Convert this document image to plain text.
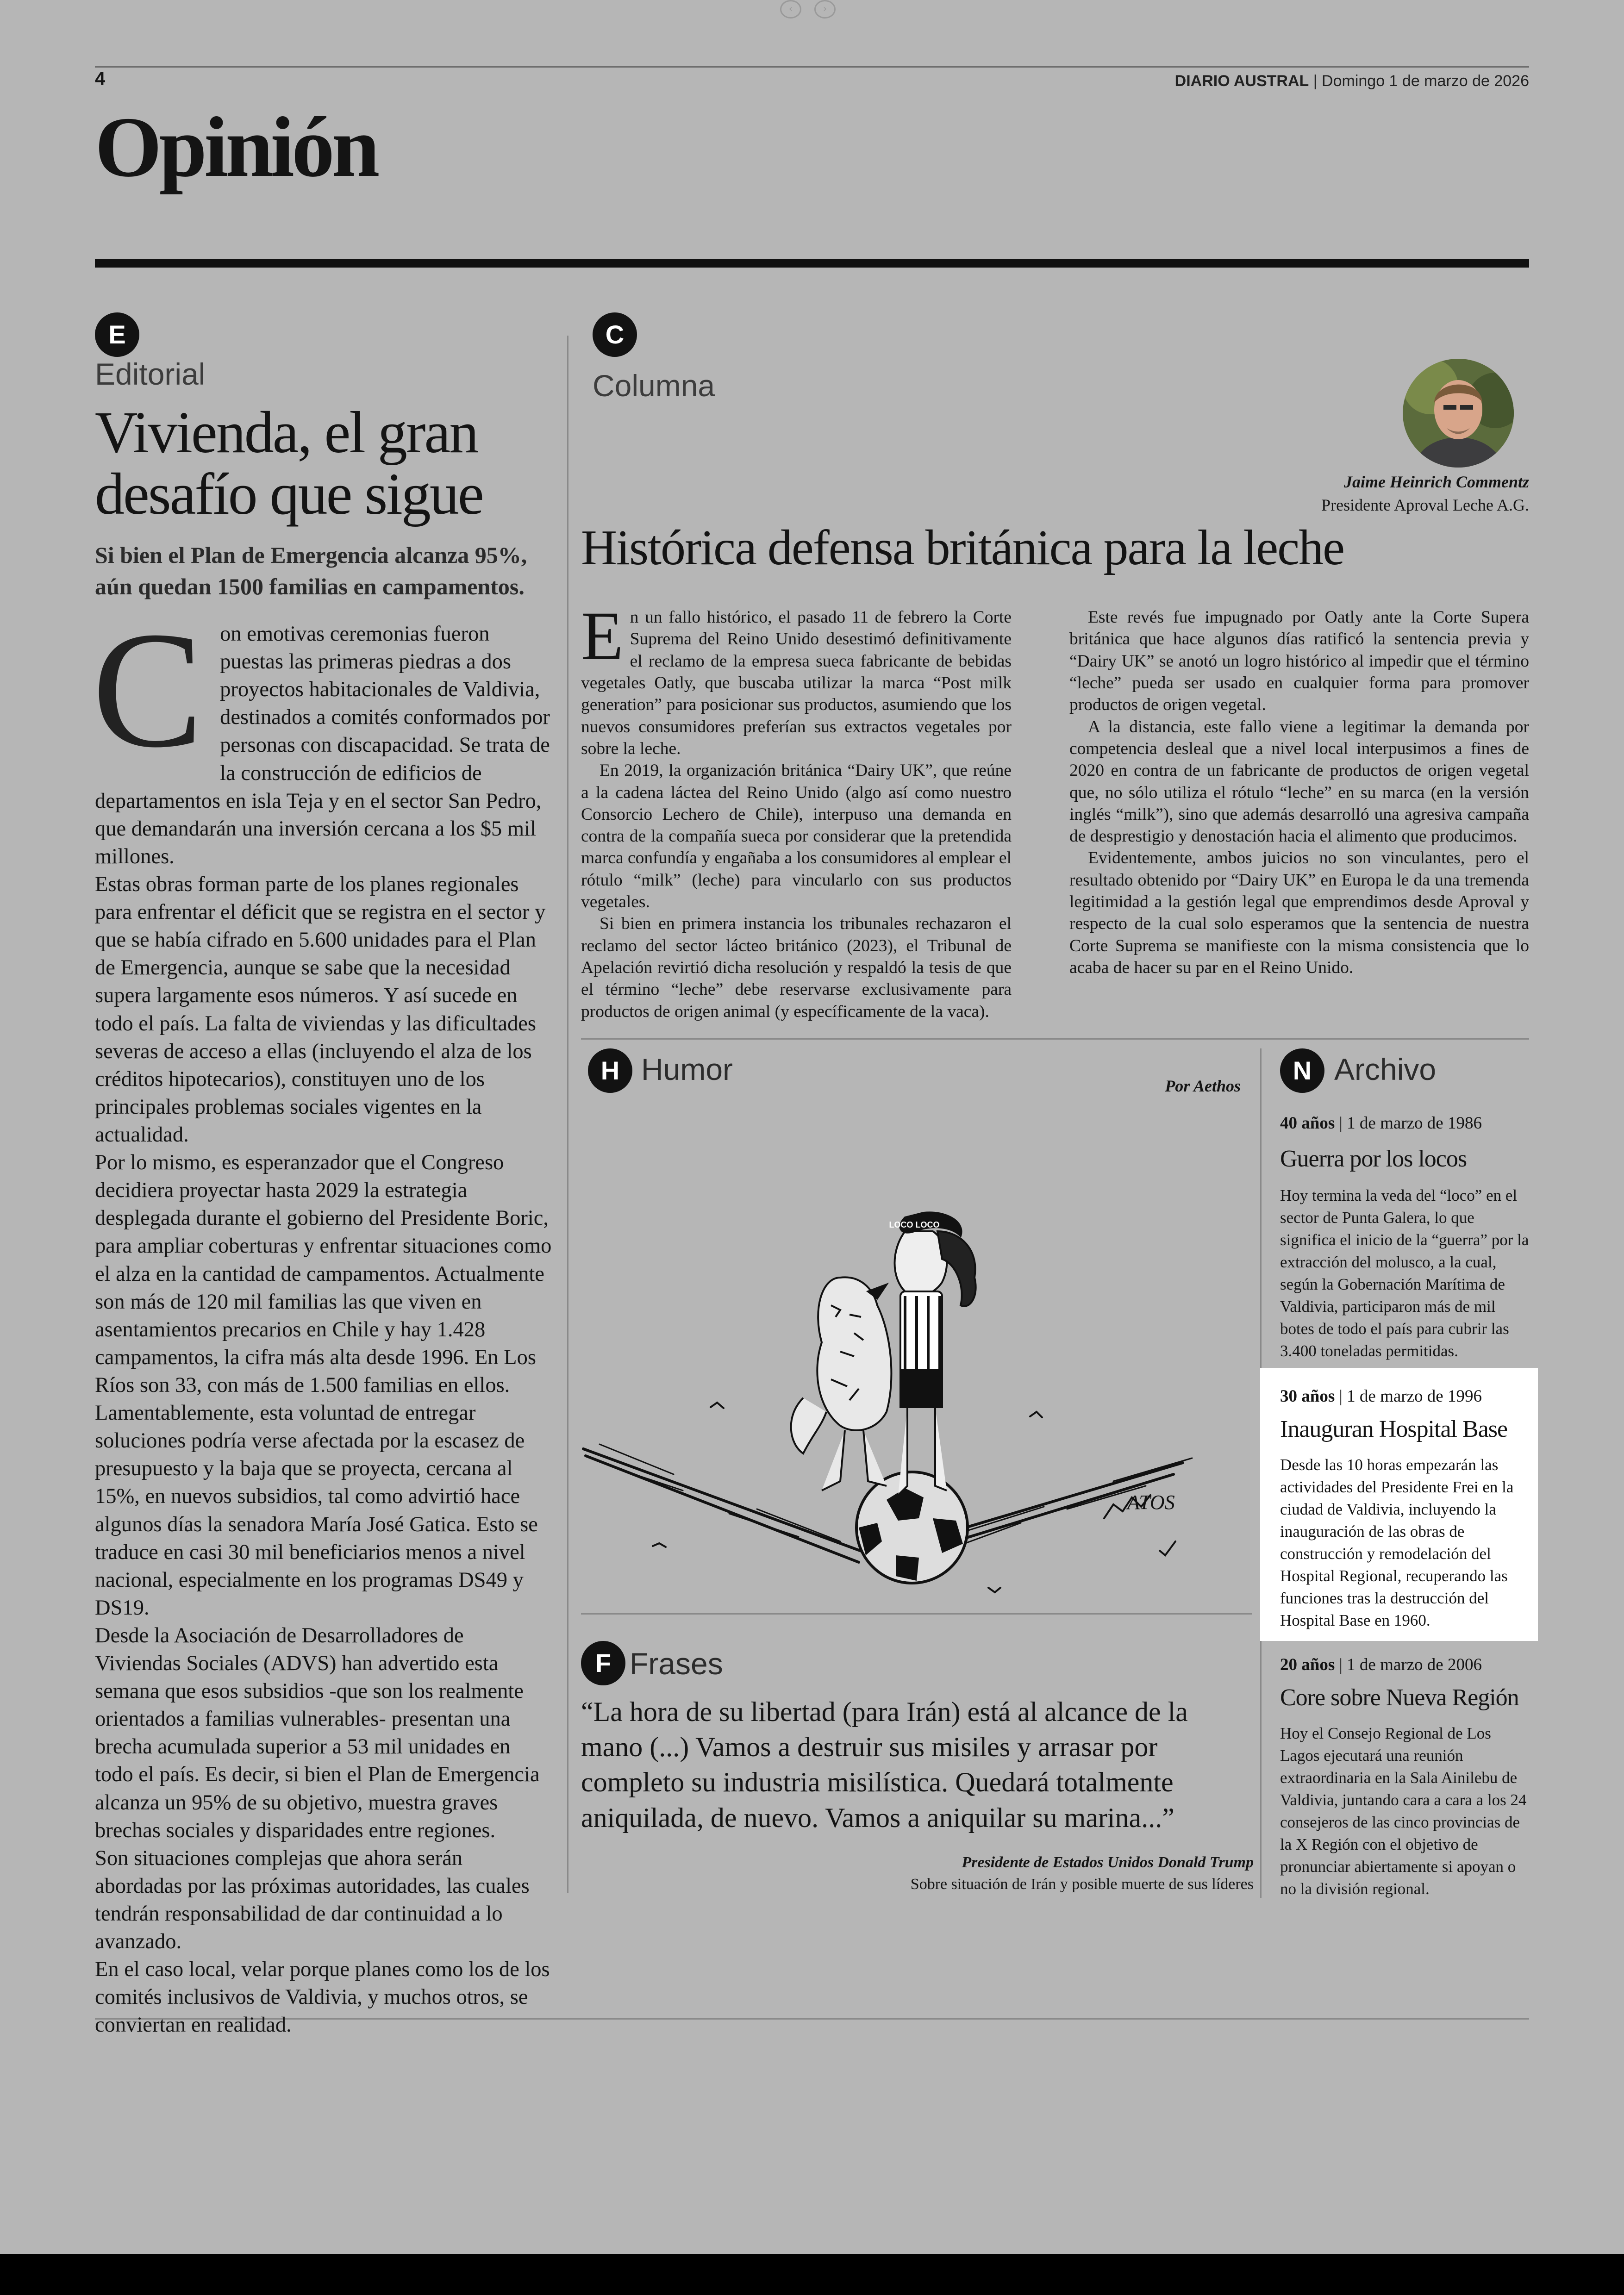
‹	›
4	DIARIO AUSTRAL | Domingo 1 de marzo de 2026
Opinión
E
Editorial
Vivienda, el gran desafío que sigue
Si bien el Plan de Emergencia alcanza 95%, aún quedan 1500 familias en campamentos.

Con emotivas ceremonias fueron puestas las primeras piedras a dos proyectos habitacionales de Valdivia, destinados a comités conformados por personas con discapacidad. Se trata de la construcción de edificios de departamentos en isla Teja y en el sector San Pedro, que demandarán una inversión cercana a los $5 mil millones.

Estas obras forman parte de los planes regionales para enfrentar el déficit que se registra en el sector y que se había cifrado en 5.600 unidades para el Plan de Emergencia, aunque se sabe que la necesidad supera largamente esos números. Y así sucede en todo el país. La falta de viviendas y las dificultades severas de acceso a ellas (incluyendo el alza de los créditos hipotecarios), constituyen uno de los principales problemas sociales vigentes en la actualidad.

Por lo mismo, es esperanzador que el Congreso decidiera proyectar hasta 2029 la estrategia desplegada durante el gobierno del Presidente Boric, para ampliar coberturas y enfrentar situaciones como el alza en la cantidad de campamentos. Actualmente son más de 120 mil familias las que viven en asentamientos precarios en Chile y hay 1.428 campamentos, la cifra más alta desde 1996. En Los Ríos son 33, con más de 1.500 familias en ellos.

Lamentablemente, esta voluntad de entregar soluciones podría verse afectada por la escasez de presupuesto y la baja que se proyecta, cercana al 15%, en nuevos subsidios, tal como advirtió hace algunos días la senadora María José Gatica. Esto se traduce en casi 30 mil beneficiarios menos a nivel nacional, especialmente en los programas DS49 y DS19.

Desde la Asociación de Desarrolladores de Viviendas Sociales (ADVS) han advertido esta semana que esos subsidios -que son los realmente orientados a familias vulnerables- presentan una brecha acumulada superior a 53 mil unidades en todo el país. Es decir, si bien el Plan de Emergencia alcanza un 95% de su objetivo, muestra graves brechas sociales y disparidades entre regiones.

Son situaciones complejas que ahora serán abordadas por las próximas autoridades, las cuales tendrán responsabilidad de dar continuidad a lo avanzado.

En el caso local, velar porque planes como los de los comités inclusivos de Valdivia, y muchos otros, se conviertan en realidad.

C
Columna
Jaime Heinrich Commentz
Presidente Aproval Leche A.G.
Histórica defensa británica para la leche

En un fallo histórico, el pasado 11 de febrero la Corte Suprema del Reino Unido desestimó definitivamente el reclamo de la empresa sueca fabricante de bebidas vegetales Oatly, que buscaba utilizar la marca “Post milk generation” para posicionar sus productos, asumiendo que los nuevos consumidores preferían sus extractos vegetales por sobre la leche.

En 2019, la organización británica “Dairy UK”, que reúne a la cadena láctea del Reino Unido (algo así como nuestro Consorcio Lechero de Chile), interpuso una demanda en contra de la compañía sueca por considerar que la pretendida marca confundía y engañaba a los consumidores al emplear el rótulo “milk” (leche) para vincularlo con sus productos vegetales.

Si bien en primera instancia los tribunales rechazaron el reclamo del sector lácteo británico (2023), el Tribunal de Apelación revirtió dicha resolución y respaldó la tesis de que el término “leche” debe reservarse exclusivamente para productos de origen animal (y específicamente de la vaca).

Este revés fue impugnado por Oatly ante la Corte Supera británica que hace algunos días ratificó la sentencia previa y “Dairy UK” se anotó un logro histórico al impedir que el término “leche” pueda ser usado en cualquier forma para promover productos de origen vegetal.

A la distancia, este fallo viene a legitimar la demanda por competencia desleal que a nivel local interpusimos a fines de 2020 en contra de un fabricante de productos de origen vegetal que, no sólo utiliza el rótulo “leche” en su marca (en la versión inglés “milk”), sino que además desarrolló una agresiva campaña de desprestigio y denostación hacia el alimento que producimos.

Evidentemente, ambos juicios no son vinculantes, pero el resultado obtenido por “Dairy UK” en Europa le da una tremenda legitimidad a la gestión legal que emprendimos desde Aproval y respecto de la cual solo esperamos que la sentencia de nuestra Corte Suprema se manifieste con la misma consistencia que lo acaba de hacer su par en el Reino Unido.

H Humor	Por Aethos
LOCO LOCO
ATOS
N Archivo
40 años | 1 de marzo de 1986
Guerra por los locos
Hoy termina la veda del “loco” en el sector de Punta Galera, lo que significa el inicio de la “guerra” por la extracción del molusco, a la cual, según la Gobernación Marítima de Valdivia, participaron más de mil botes de todo el país para cubrir las 3.400 toneladas permitidas.
30 años | 1 de marzo de 1996
Inauguran Hospital Base
Desde las 10 horas empezarán las actividades del Presidente Frei en la ciudad de Valdivia, incluyendo la inauguración de las obras de construcción y remodelación del Hospital Regional, recuperando las funciones tras la destrucción del Hospital Base en 1960.
20 años | 1 de marzo de 2006
Core sobre Nueva Región
Hoy el Consejo Regional de Los Lagos ejecutará una reunión extraordinaria en la Sala Ainilebu de Valdivia, juntando cara a cara a los 24 consejeros de las cinco provincias de la X Región con el objetivo de pronunciar abiertamente si apoyan o no la división regional.
F Frases
“La hora de su libertad (para Irán) está al alcance de la mano (...) Vamos a destruir sus misiles y arrasar por completo su industria misilística. Quedará totalmente aniquilada, de nuevo. Vamos a aniquilar su marina...”
Presidente de Estados Unidos Donald Trump
Sobre situación de Irán y posible muerte de sus líderes
